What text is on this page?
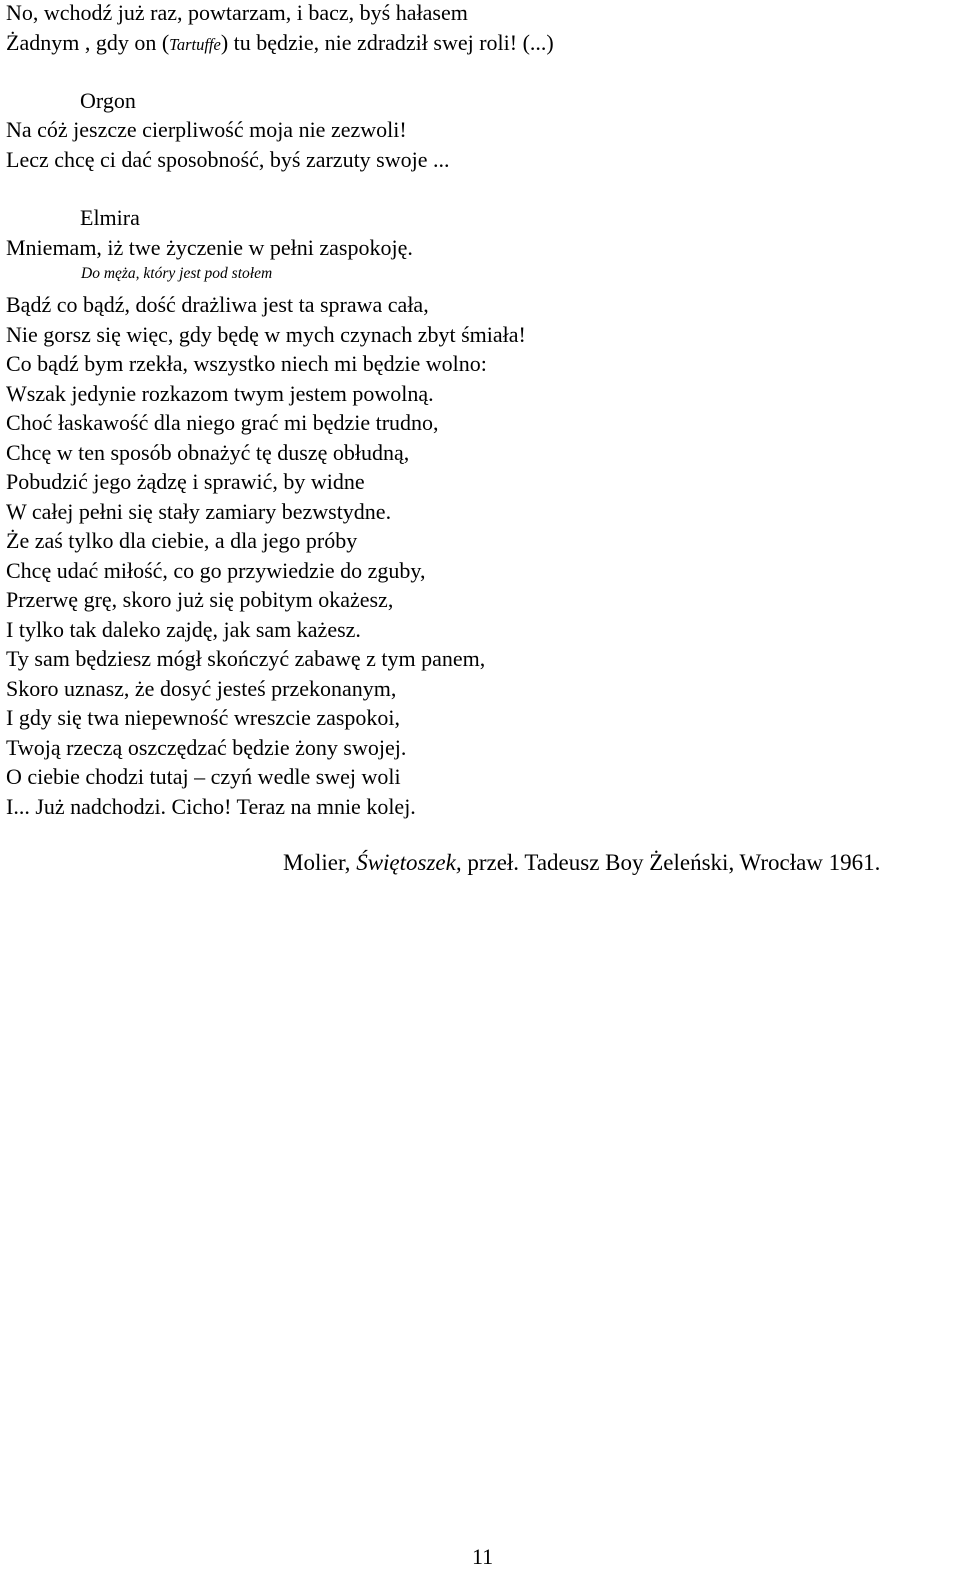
No, wchodź już raz, powtarzam, i bacz, byś hałasem

Żadnym , gdy on (Tartuffe) tu będzie, nie zdradził swej roli! (...)

Orgon

Na cóż jeszcze cierpliwość moja nie zezwoli!

Lecz chcę ci dać sposobność, byś zarzuty swoje ...

Elmira

Mniemam, iż twe życzenie w pełni zaspokoję.

Do męża, który jest pod stołem

Bądź co bądź, dość drażliwa jest ta sprawa cała,

Nie gorsz się więc, gdy będę w mych czynach zbyt śmiała!

Co bądź bym rzekła, wszystko niech mi będzie wolno:

Wszak jedynie rozkazom twym jestem powolną.

Choć łaskawość dla niego grać mi będzie trudno,

Chcę w ten sposób obnażyć tę duszę obłudną,

Pobudzić jego żądzę i sprawić, by widne

W całej pełni się stały zamiary bezwstydne.

Że zaś tylko dla ciebie, a dla jego próby

Chcę udać miłość, co go przywiedzie do zguby,

Przerwę grę, skoro już się pobitym okażesz,

I tylko tak daleko zajdę, jak sam każesz.

Ty sam będziesz mógł skończyć zabawę z tym panem,

Skoro uznasz, że dosyć jesteś przekonanym,

I gdy się twa niepewność wreszcie zaspokoi,

Twoją rzeczą oszczędzać będzie żony swojej.

O ciebie chodzi tutaj – czyń wedle swej woli

I... Już nadchodzi. Cicho! Teraz na mnie kolej.

Molier, Świętoszek, przeł. Tadeusz Boy Żeleński, Wrocław 1961.

11
